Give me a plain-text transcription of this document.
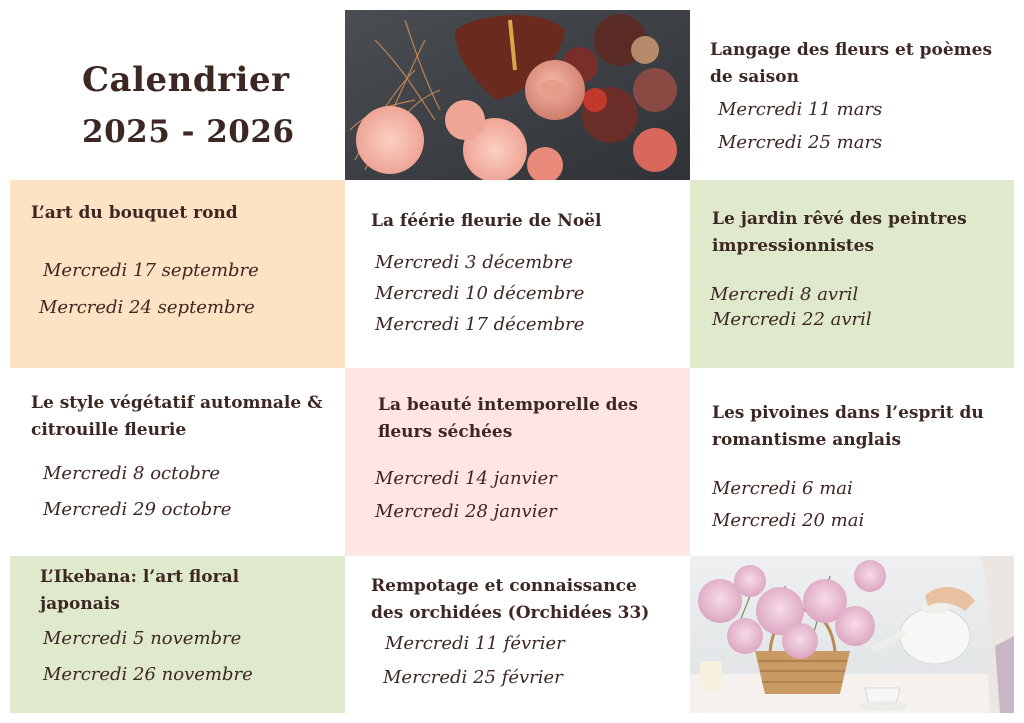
Calendrier
2025 - 2026
Langage des fleurs et poèmes
de saison
Mercredi 11 mars
Mercredi 25 mars
L’art du bouquet rond
Mercredi 17 septembre
Mercredi 24 septembre
La féérie fleurie de Noël
Mercredi 3 décembre
Mercredi 10 décembre
Mercredi 17 décembre
Le jardin rêvé des peintres
impressionnistes
Mercredi 8 avril
Mercredi 22 avril
Le style végétatif automnale &
citrouille fleurie
Mercredi 8 octobre
Mercredi 29 octobre
La beauté intemporelle des
fleurs séchées
Mercredi 14 janvier
Mercredi 28 janvier
Les pivoines dans l’esprit du
romantisme anglais
Mercredi 6 mai
Mercredi 20 mai
L’Ikebana: l’art floral
japonais
Mercredi 5 novembre
Mercredi 26 novembre
Rempotage et connaissance
des orchidées (Orchidées 33)
Mercredi 11 février
Mercredi 25 février
